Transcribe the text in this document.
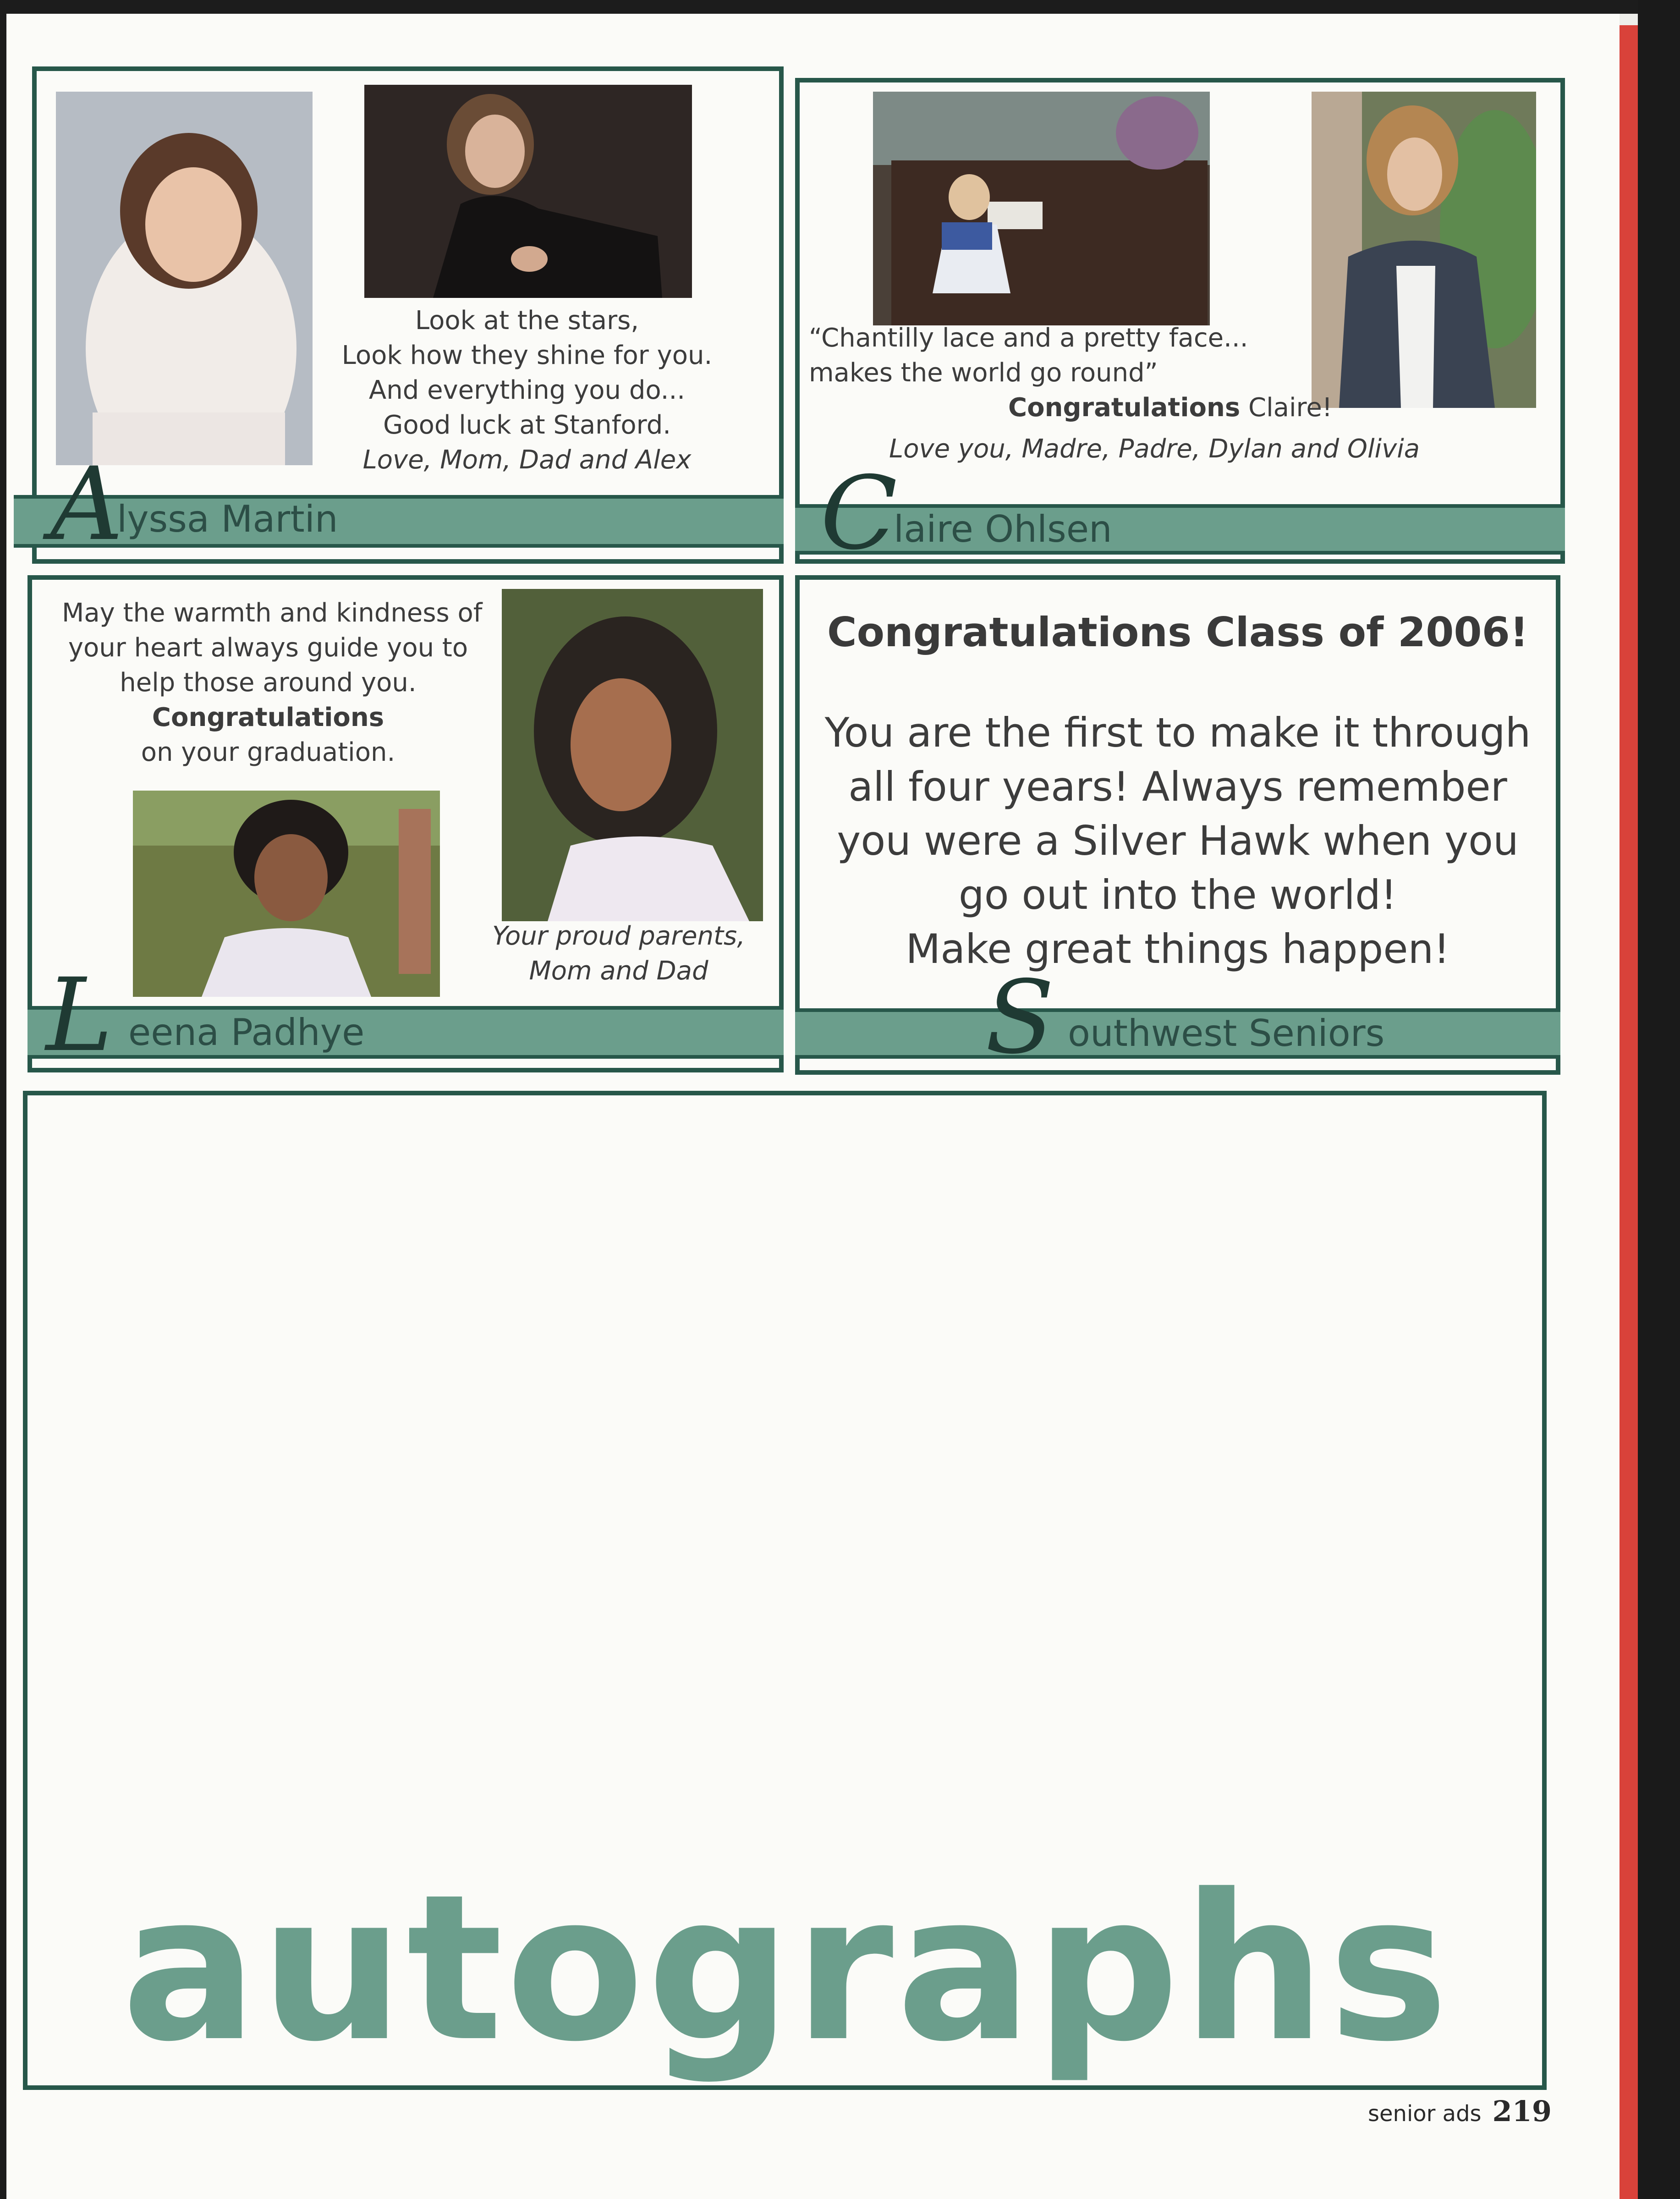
Look at the stars,
Look how they shine for you.
And everything you do...
Good luck at Stanford.
Love, Mom, Dad and Alex
A
lyssa Martin
“Chantilly lace and a pretty face...
makes the world go round”
Congratulations Claire!
Love you, Madre, Padre, Dylan and Olivia
C
laire Ohlsen
May the warmth and kindness of
your heart always guide you to
help those around you.
Congratulations
on your graduation.
Your proud parents,
Mom and Dad
L eena Padhye
Congratulations Class of 2006!
You are the first to make it through
all four years! Always remember
you were a Silver Hawk when you
go out into the world!
Make great things happen!
S outhwest Seniors
autographs
senior ads 219
